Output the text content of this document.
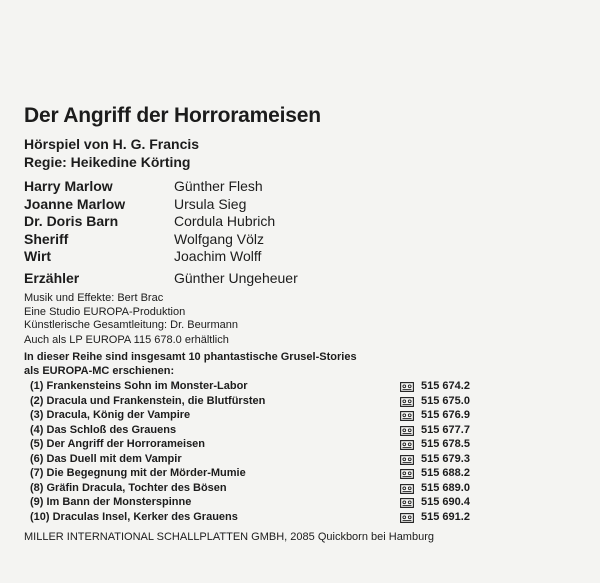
Der Angriff der Horrorameisen
Hörspiel von H. G. Francis
Regie: Heikedine Körting
Harry Marlow	Günther Flesh
Joanne Marlow	Ursula Sieg
Dr. Doris Barn	Cordula Hubrich
Sheriff	Wolfgang Völz
Wirt	Joachim Wolff
Erzähler	Günther Ungeheuer
Musik und Effekte: Bert Brac
Eine Studio EUROPA-Produktion
Künstlerische Gesamtleitung: Dr. Beurmann
Auch als LP EUROPA 115 678.0 erhältlich
In dieser Reihe sind insgesamt 10 phantastische Grusel-Stories
als EUROPA-MC erschienen:
(1) Frankensteins Sohn im Monster-Labor	515 674.2
(2) Dracula und Frankenstein, die Blutfürsten	515 675.0
(3) Dracula, König der Vampire	515 676.9
(4) Das Schloß des Grauens	515 677.7
(5) Der Angriff der Horrorameisen	515 678.5
(6) Das Duell mit dem Vampir	515 679.3
(7) Die Begegnung mit der Mörder-Mumie	515 688.2
(8) Gräfin Dracula, Tochter des Bösen	515 689.0
(9) Im Bann der Monsterspinne	515 690.4
(10) Draculas Insel, Kerker des Grauens	515 691.2
MILLER INTERNATIONAL SCHALLPLATTEN GMBH, 2085 Quickborn bei Hamburg
